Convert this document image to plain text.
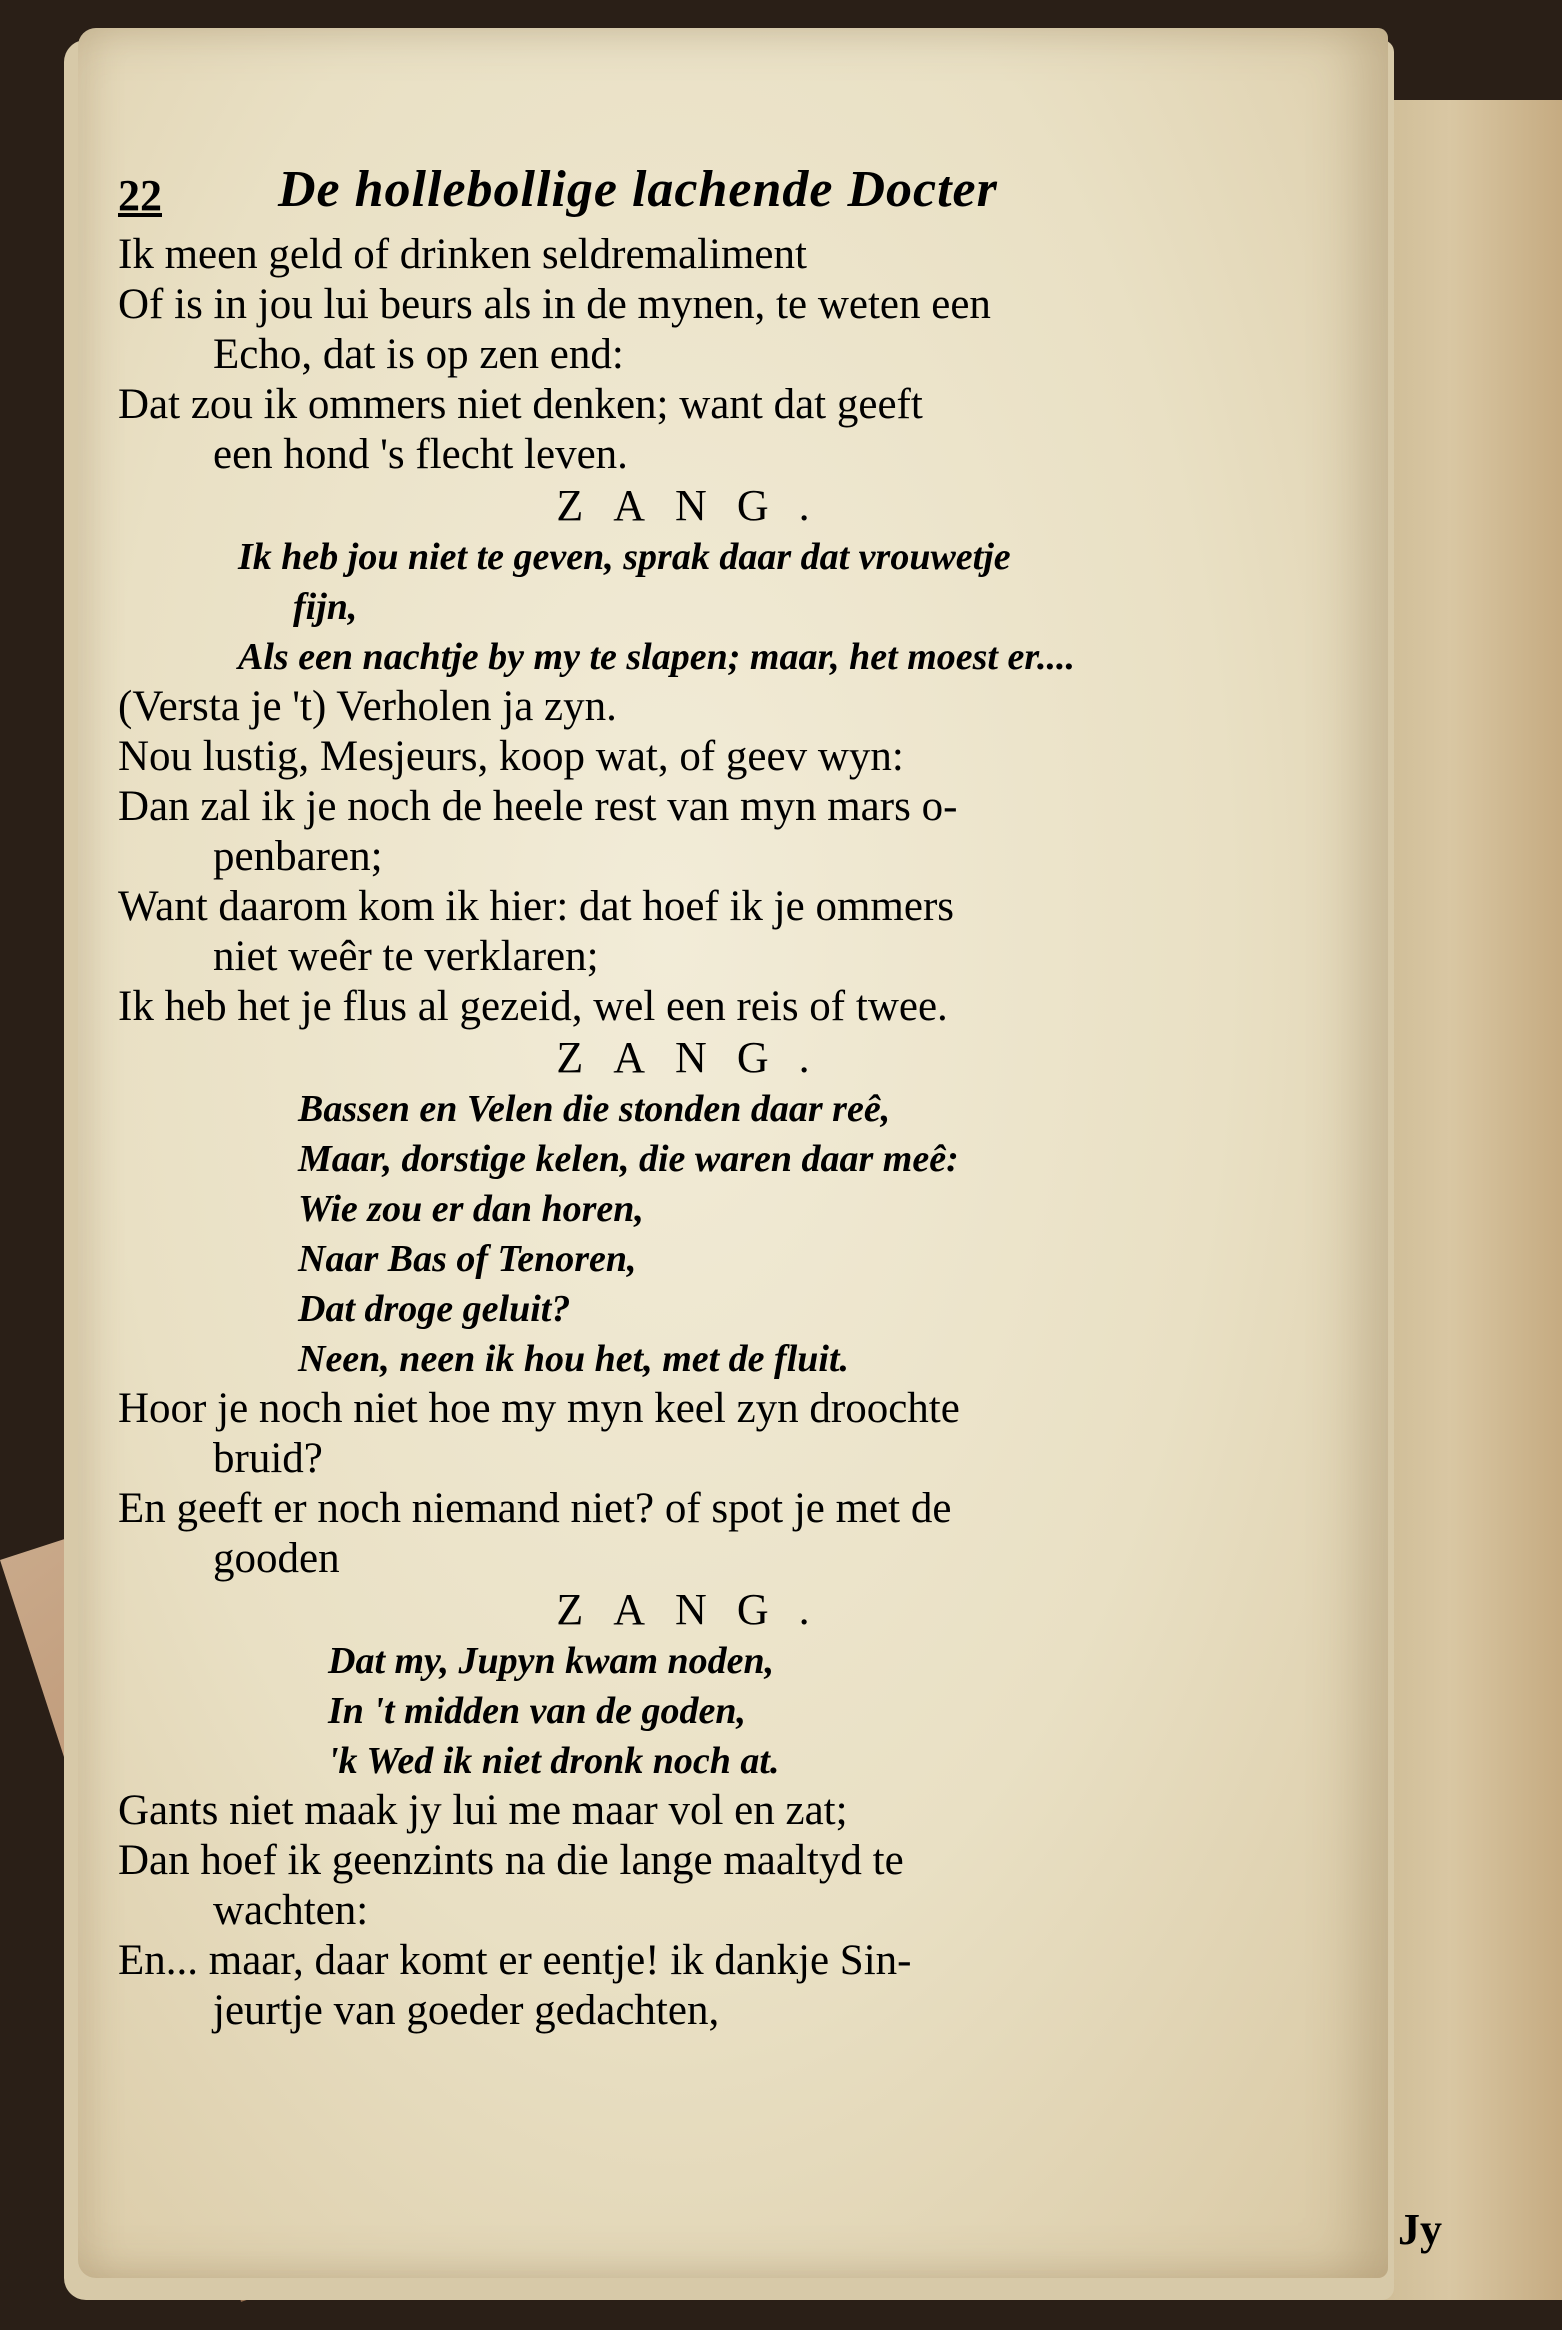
22 De hollebollige lachende Docter
Ik meen geld of drinken seldremaliment
Of is in jou lui beurs als in de mynen, te weten een
Echo, dat is op zen end:
Dat zou ik ommers niet denken; want dat geeft
een hond 's flecht leven.
ZANG.
Ik heb jou niet te geven, sprak daar dat vrouwetje
fijn,
Als een nachtje by my te slapen; maar, het moest er....
(Versta je 't) Verholen ja zyn.
Nou lustig, Mesjeurs, koop wat, of geev wyn:
Dan zal ik je noch de heele rest van myn mars o-
penbaren;
Want daarom kom ik hier: dat hoef ik je ommers
niet weêr te verklaren;
Ik heb het je flus al gezeid, wel een reis of twee.
ZANG.
Bassen en Velen die stonden daar reê,
Maar, dorstige kelen, die waren daar meê:
Wie zou er dan horen,
Naar Bas of Tenoren,
Dat droge geluit?
Neen, neen ik hou het, met de fluit.
Hoor je noch niet hoe my myn keel zyn droochte
bruid?
En geeft er noch niemand niet? of spot je met de
gooden
ZANG.
Dat my, Jupyn kwam noden,
In 't midden van de goden,
'k Wed ik niet dronk noch at.
Gants niet maak jy lui me maar vol en zat;
Dan hoef ik geenzints na die lange maaltyd te
wachten:
En... maar, daar komt er eentje! ik dankje Sin-
jeurtje van goeder gedachten,
Jy
